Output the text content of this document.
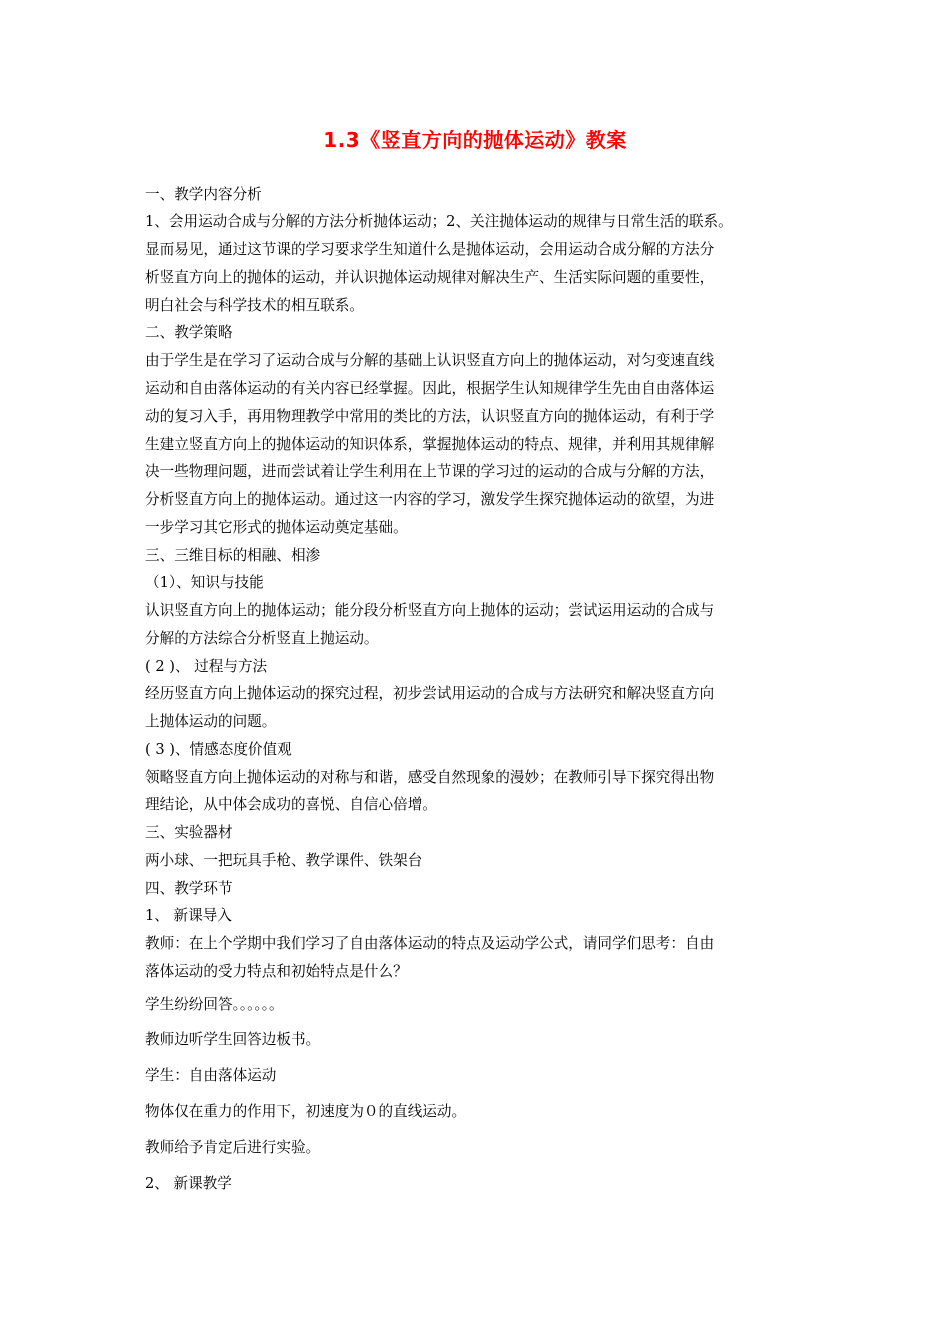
1.3《竖直方向的抛体运动》教案
一、教学内容分析
1、会用运动合成与分解的方法分析抛体运动；2、关注抛体运动的规律与日常生活的联系。
显而易见，通过这节课的学习要求学生知道什么是抛体运动，会用运动合成分解的方法分
析竖直方向上的抛体的运动，并认识抛体运动规律对解决生产、生活实际问题的重要性，
明白社会与科学技术的相互联系。
二、教学策略
由于学生是在学习了运动合成与分解的基础上认识竖直方向上的抛体运动，对匀变速直线
运动和自由落体运动的有关内容已经掌握。因此，根据学生认知规律学生先由自由落体运
动的复习入手，再用物理教学中常用的类比的方法，认识竖直方向的抛体运动，有利于学
生建立竖直方向上的抛体运动的知识体系，掌握抛体运动的特点、规律，并利用其规律解
决一些物理问题，进而尝试着让学生利用在上节课的学习过的运动的合成与分解的方法，
分析竖直方向上的抛体运动。通过这一内容的学习，激发学生探究抛体运动的欲望，为进
一步学习其它形式的抛体运动奠定基础。
三、三维目标的相融、相渗
（1）、知识与技能
认识竖直方向上的抛体运动；能分段分析竖直方向上抛体的运动；尝试运用运动的合成与
分解的方法综合分析竖直上抛运动。
( 2 )、 过程与方法
经历竖直方向上抛体运动的探究过程，初步尝试用运动的合成与方法研究和解决竖直方向
上抛体运动的问题。
( 3 )、情感态度价值观
领略竖直方向上抛体运动的对称与和谐，感受自然现象的漫妙；在教师引导下探究得出物
理结论，从中体会成功的喜悦、自信心倍增。
三、实验器材
两小球、一把玩具手枪、教学课件、铁架台
四、教学环节
1、 新课导入
教师：在上个学期中我们学习了自由落体运动的特点及运动学公式，请同学们思考：自由
落体运动的受力特点和初始特点是什么？
学生纷纷回答。。。。。。
教师边听学生回答边板书。
学生：自由落体运动
物体仅在重力的作用下，初速度为０的直线运动。
教师给予肯定后进行实验。
2、 新课教学
